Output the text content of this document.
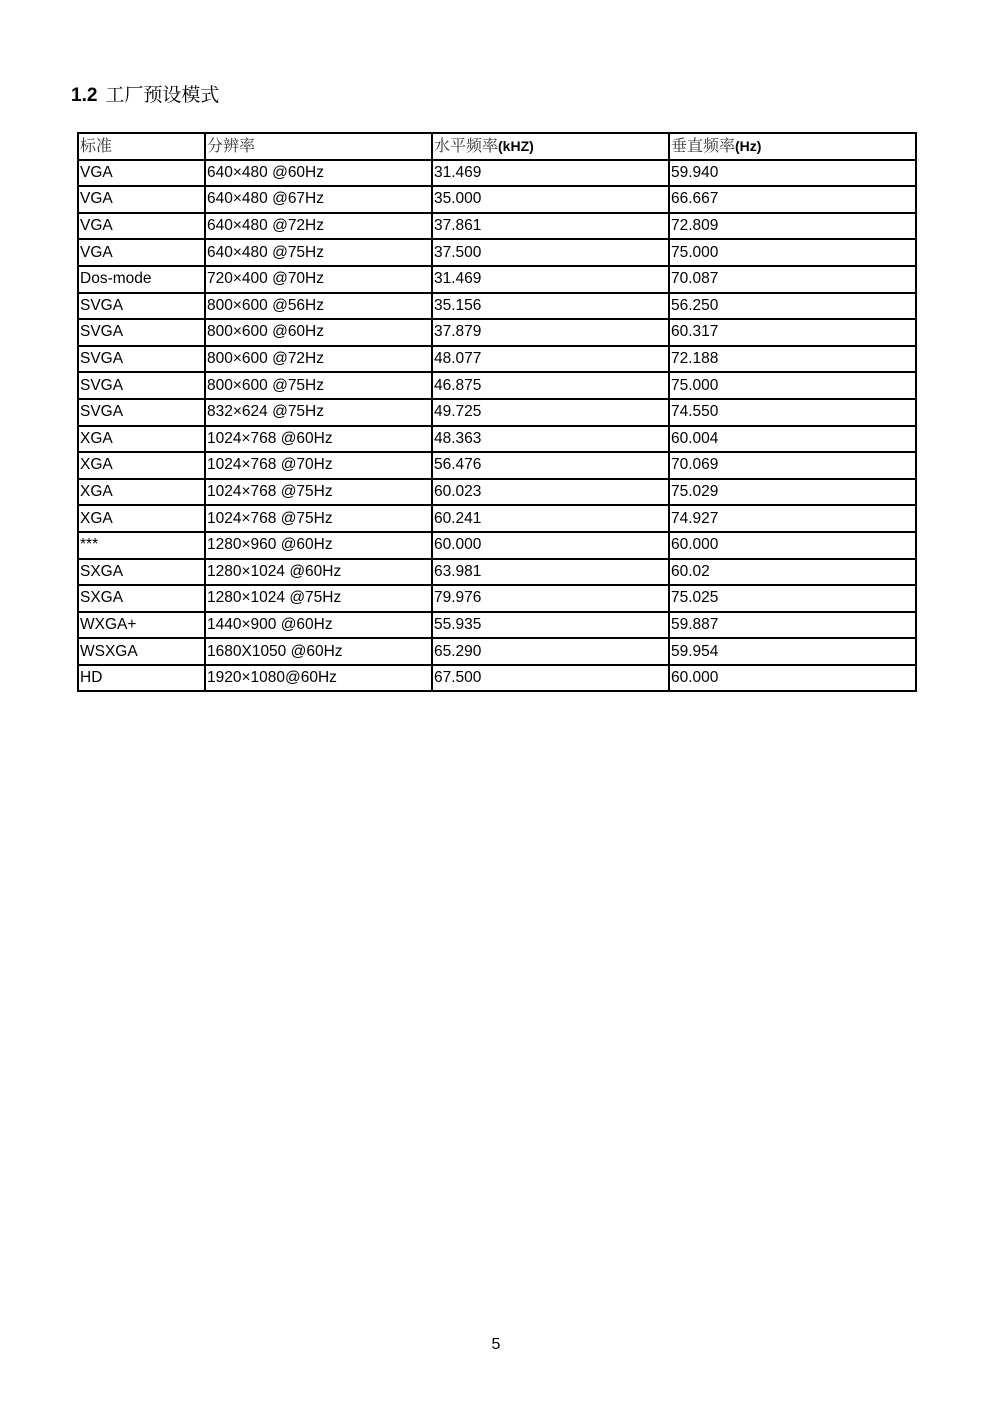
1.2 工厂预设模式
标准	分辨率	水平频率(kHZ)	垂直频率(Hz)
VGA	640×480 @60Hz	31.469	59.940
VGA	640×480 @67Hz	35.000	66.667
VGA	640×480 @72Hz	37.861	72.809
VGA	640×480 @75Hz	37.500	75.000
Dos-mode	720×400 @70Hz	31.469	70.087
SVGA	800×600 @56Hz	35.156	56.250
SVGA	800×600 @60Hz	37.879	60.317
SVGA	800×600 @72Hz	48.077	72.188
SVGA	800×600 @75Hz	46.875	75.000
SVGA	832×624 @75Hz	49.725	74.550
XGA	1024×768 @60Hz	48.363	60.004
XGA	1024×768 @70Hz	56.476	70.069
XGA	1024×768 @75Hz	60.023	75.029
XGA	1024×768 @75Hz	60.241	74.927
***	1280×960 @60Hz	60.000	60.000
SXGA	1280×1024 @60Hz	63.981	60.02
SXGA	1280×1024 @75Hz	79.976	75.025
WXGA+	1440×900 @60Hz	55.935	59.887
WSXGA	1680X1050 @60Hz	65.290	59.954
HD	1920×1080@60Hz	67.500	60.000
5
